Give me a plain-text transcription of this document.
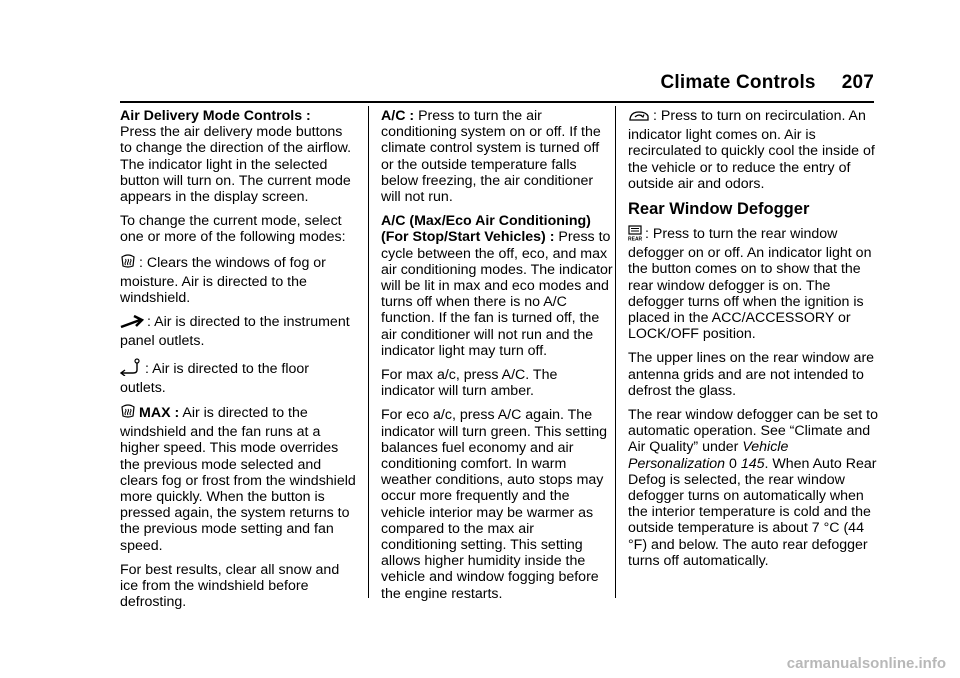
Climate Controls 207

Air Delivery Mode Controls :
Press the air delivery mode buttons to change the direction of the airflow. The indicator light in the selected button will turn on. The current mode appears in the display screen.

To change the current mode, select one or more of the following modes:

: Clears the windows of fog or moisture. Air is directed to the windshield.

: Air is directed to the instrument panel outlets.

: Air is directed to the floor outlets.

MAX : Air is directed to the windshield and the fan runs at a higher speed. This mode overrides the previous mode selected and clears fog or frost from the windshield more quickly. When the button is pressed again, the system returns to the previous mode setting and fan speed.

For best results, clear all snow and ice from the windshield before defrosting.

A/C : Press to turn the air conditioning system on or off. If the climate control system is turned off or the outside temperature falls below freezing, the air conditioner will not run.

A/C (Max/Eco Air Conditioning) (For Stop/Start Vehicles) : Press to cycle between the off, eco, and max air conditioning modes. The indicator will be lit in max and eco modes and turns off when there is no A/C function. If the fan is turned off, the air conditioner will not run and the indicator light may turn off.

For max a/c, press A/C. The indicator will turn amber.

For eco a/c, press A/C again. The indicator will turn green. This setting balances fuel economy and air conditioning comfort. In warm weather conditions, auto stops may occur more frequently and the vehicle interior may be warmer as compared to the max air conditioning setting. This setting allows higher humidity inside the vehicle and window fogging before the engine restarts.

: Press to turn on recirculation. An indicator light comes on. Air is recirculated to quickly cool the inside of the vehicle or to reduce the entry of outside air and odors.

Rear Window Defogger

REAR : Press to turn the rear window defogger on or off. An indicator light on the button comes on to show that the rear window defogger is on. The defogger turns off when the ignition is placed in the ACC/ACCESSORY or LOCK/OFF position.

The upper lines on the rear window are antenna grids and are not intended to defrost the glass.

The rear window defogger can be set to automatic operation. See “Climate and Air Quality” under Vehicle Personalization 0 145. When Auto Rear Defog is selected, the rear window defogger turns on automatically when the interior temperature is cold and the outside temperature is about 7 °C (44 °F) and below. The auto rear defogger turns off automatically.

carmanualsonline.info
